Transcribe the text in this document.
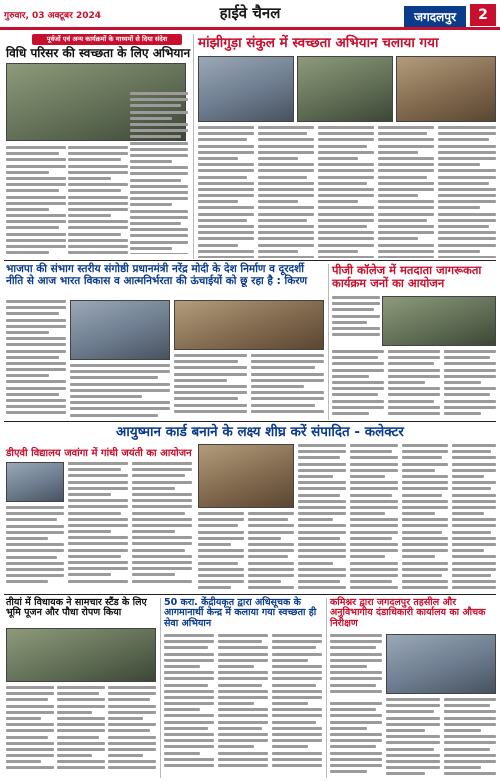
गुरुवार, 03 अक्टूबर 2024	हाईवे चैनल	जगदलपुर	2
पूर्वजों एवं अन्य कार्यक्रमों के माध्यमों से दिया संदेश
विधि परिसर की स्वच्छता के लिए अभियान
मांझीगुड़ा संकुल में स्वच्छता अभियान चलाया गया
भाजपा की संभाग स्तरीय संगोष्ठी प्रधानमंत्री नरेंद्र मोदी के देश निर्माण व दूरदर्शी नीति से आज भारत विकास व आत्मनिर्भरता की ऊंचाईयों को छू रहा है : किरण
पीजी कॉलेज में मतदाता जागरूकता कार्यक्रम जनों का आयोजन
आयुष्मान कार्ड बनाने के लक्ष्य शीघ्र करें संपादित - कलेक्टर
डीएवी विद्यालय जवांगा में गांधी जयंती का आयोजन
तीयां में विधायक ने सामचार स्टैंड के लिए भूमि पूजन और पौधा रोपण किया
50 करा. केंद्रीयकृत द्वारा अधिसूचक के आगमानार्थी केन्द्र में कलाया गया स्वच्छता ही सेवा अभियान
कमिश्नर द्वारा जगदलपुर तहसील और अनुविभागीय दंडाधिकारी कार्यालय का औचक निरीक्षण
